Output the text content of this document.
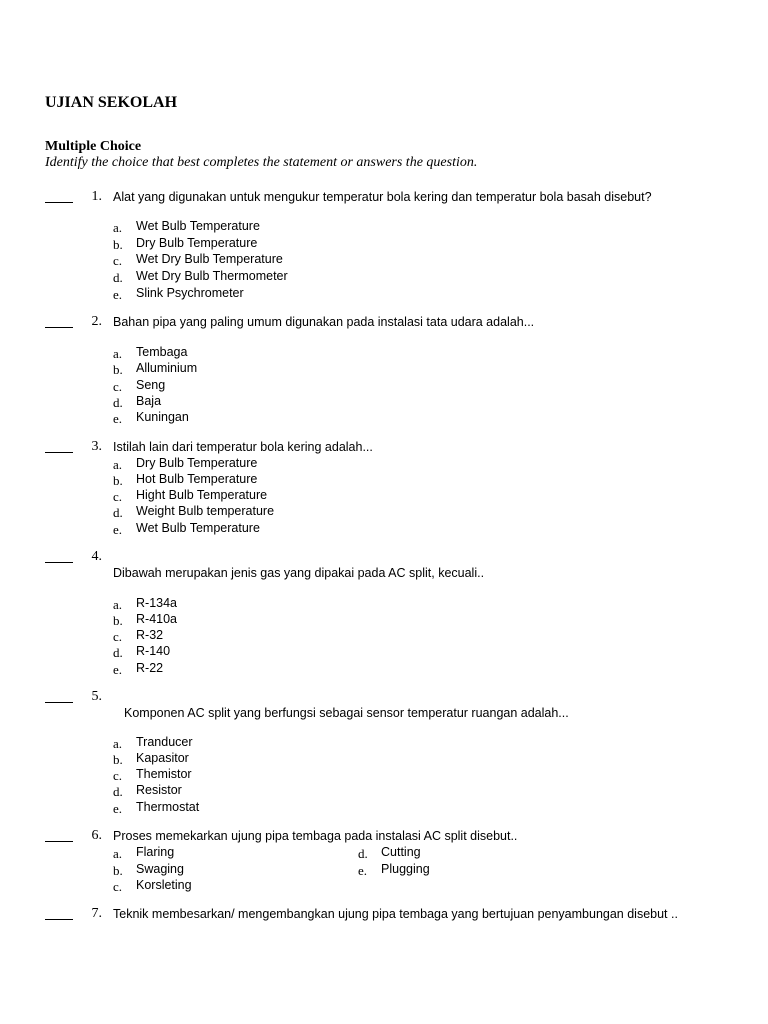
UJIAN SEKOLAH
Multiple Choice
Identify the choice that best completes the statement or answers the question.
1. Alat yang digunakan untuk mengukur temperatur bola kering dan temperatur bola basah disebut?
a.	Wet Bulb Temperature
b.	Dry Bulb Temperature
c.	Wet Dry Bulb Temperature
d.	Wet Dry Bulb Thermometer
e.	Slink Psychrometer
2. Bahan pipa yang paling umum digunakan pada instalasi tata udara adalah...
a.	Tembaga
b.	Alluminium
c.	Seng
d.	Baja
e.	Kuningan
3. Istilah lain dari temperatur bola kering adalah...
a.	Dry Bulb Temperature
b.	Hot Bulb Temperature
c.	Hight Bulb Temperature
d.	Weight Bulb temperature
e.	Wet Bulb Temperature
4.
Dibawah merupakan jenis gas yang dipakai pada AC split, kecuali..
a.	R-134a
b.	R-410a
c.	R-32
d.	R-140
e.	R-22
5.
Komponen AC split yang berfungsi sebagai sensor temperatur ruangan adalah...
a.	Tranducer
b.	Kapasitor
c.	Themistor
d.	Resistor
e.	Thermostat
6. Proses memekarkan ujung pipa tembaga pada instalasi AC split disebut..
a.	Flaring
b.	Swaging
c.	Korsleting
d.	Cutting
e.	Plugging
7. Teknik membesarkan/ mengembangkan ujung pipa tembaga yang bertujuan penyambungan disebut ..
